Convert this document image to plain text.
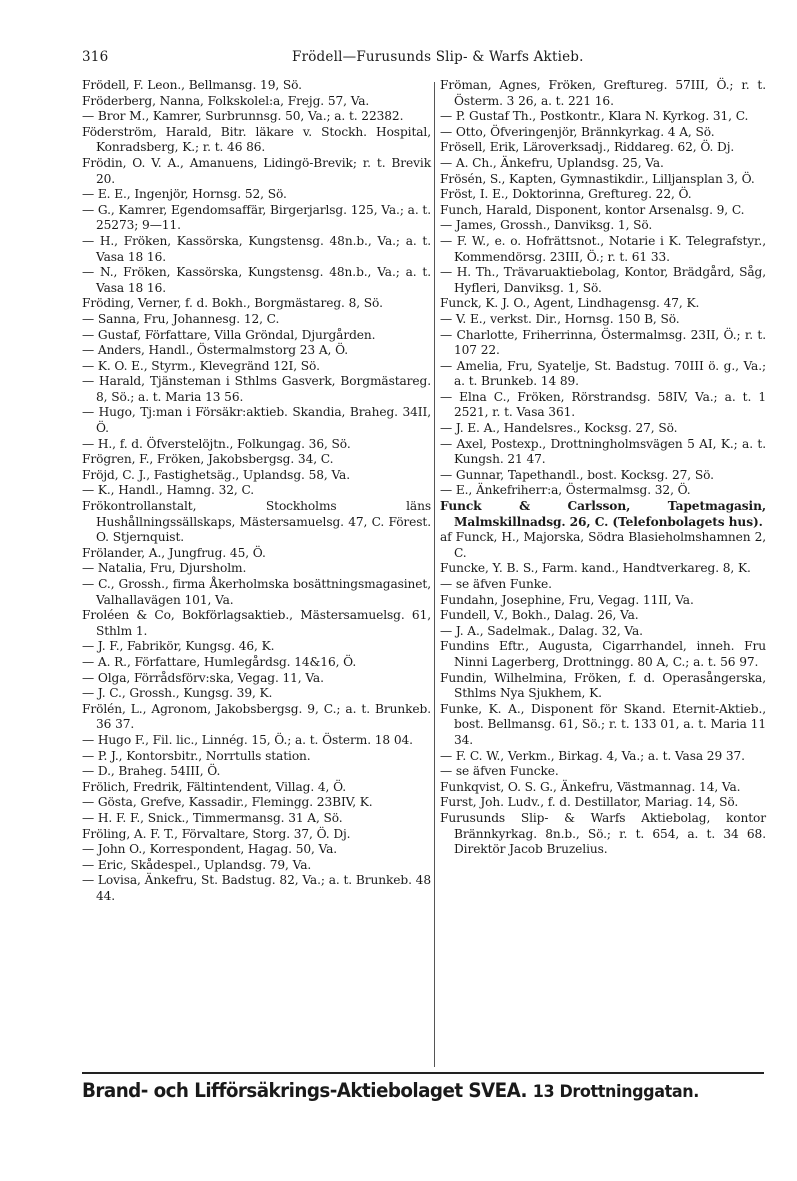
316	Frödell—Furusunds Slip- & Warfs Aktieb.
Frödell, F. Leon., Bellmansg. 19, Sö.
Fröderberg, Nanna, Folkskolel:a, Frejg. 57, Va.
— Bror M., Kamrer, Surbrunnsg. 50, Va.; a. t. 22382.
Föderström, Harald, Bitr. läkare v. Stockh. Hospital, Konradsberg, K.; r. t. 46 86.
Frödin, O. V. A., Amanuens, Lidingö-Brevik; r. t. Brevik 20.
— E. E., Ingenjör, Hornsg. 52, Sö.
— G., Kamrer, Egendomsaffär, Birgerjarlsg. 125, Va.; a. t. 25273; 9—11.
— H., Fröken, Kassörska, Kungstensg. 48n.b., Va.; a. t. Vasa 18 16.
— N., Fröken, Kassörska, Kungstensg. 48n.b., Va.; a. t. Vasa 18 16.
Fröding, Verner, f. d. Bokh., Borgmästareg. 8, Sö.
— Sanna, Fru, Johannesg. 12, C.
— Gustaf, Författare, Villa Gröndal, Djurgården.
— Anders, Handl., Östermalmstorg 23 A, Ö.
— K. O. E., Styrm., Klevegränd 12I, Sö.
— Harald, Tjänsteman i Sthlms Gasverk, Borgmästareg. 8, Sö.; a. t. Maria 13 56.
— Hugo, Tj:man i Försäkr:aktieb. Skandia, Braheg. 34II, Ö.
— H., f. d. Öfverstelöjtn., Folkungag. 36, Sö.
Frögren, F., Fröken, Jakobsbergsg. 34, C.
Fröjd, C. J., Fastighetsäg., Uplandsg. 58, Va.
— K., Handl., Hamng. 32, C.
Frökontrollanstalt, Stockholms läns Hushållningssällskaps, Mästersamuelsg. 47, C. Förest. O. Stjernquist.
Frölander, A., Jungfrug. 45, Ö.
— Natalia, Fru, Djursholm.
— C., Grossh., firma Åkerholmska bosättningsmagasinet, Valhallavägen 101, Va.
Froléen & Co, Bokförlagsaktieb., Mästersamuelsg. 61, Sthlm 1.
— J. F., Fabrikör, Kungsg. 46, K.
— A. R., Författare, Humlegårdsg. 14&16, Ö.
— Olga, Förrådsförv:ska, Vegag. 11, Va.
— J. C., Grossh., Kungsg. 39, K.
Frölén, L., Agronom, Jakobsbergsg. 9, C.; a. t. Brunkeb. 36 37.
— Hugo F., Fil. lic., Linnég. 15, Ö.; a. t. Österm. 18 04.
— P. J., Kontorsbitr., Norrtulls station.
— D., Braheg. 54III, Ö.
Frölich, Fredrik, Fältintendent, Villag. 4, Ö.
— Gösta, Grefve, Kassadir., Flemingg. 23BIV, K.
— H. F. F., Snick., Timmermansg. 31 A, Sö.
Fröling, A. F. T., Förvaltare, Storg. 37, Ö. Dj.
— John O., Korrespondent, Hagag. 50, Va.
— Eric, Skådespel., Uplandsg. 79, Va.
— Lovisa, Änkefru, St. Badstug. 82, Va.; a. t. Brunkeb. 48 44.
Fröman, Agnes, Fröken, Greftureg. 57III, Ö.; r. t. Österm. 3 26, a. t. 221 16.
— P. Gustaf Th., Postkontr., Klara N. Kyrkog. 31, C.
— Otto, Öfveringenjör, Brännkyrkag. 4 A, Sö.
Frösell, Erik, Läroverksadj., Riddareg. 62, Ö. Dj.
— A. Ch., Änkefru, Uplandsg. 25, Va.
Frösén, S., Kapten, Gymnastikdir., Lilljansplan 3, Ö.
Fröst, I. E., Doktorinna, Greftureg. 22, Ö.
Funch, Harald, Disponent, kontor Arsenalsg. 9, C.
— James, Grossh., Danviksg. 1, Sö.
— F. W., e. o. Hofrättsnot., Notarie i K. Telegrafstyr., Kommendörsg. 23III, Ö.; r. t. 61 33.
— H. Th., Trävaruaktiebolag, Kontor, Brädgård, Såg, Hyfleri, Danviksg. 1, Sö.
Funck, K. J. O., Agent, Lindhagensg. 47, K.
— V. E., verkst. Dir., Hornsg. 150 B, Sö.
— Charlotte, Friherrinna, Östermalmsg. 23II, Ö.; r. t. 107 22.
— Amelia, Fru, Syatelje, St. Badstug. 70III ö. g., Va.; a. t. Brunkeb. 14 89.
— Elna C., Fröken, Rörstrandsg. 58IV, Va.; a. t. 1 2521, r. t. Vasa 361.
— J. E. A., Handelsres., Kocksg. 27, Sö.
— Axel, Postexp., Drottningholmsvägen 5 AI, K.; a. t. Kungsh. 21 47.
— Gunnar, Tapethandl., bost. Kocksg. 27, Sö.
— E., Änkefriherr:a, Östermalmsg. 32, Ö.
Funck & Carlsson, Tapetmagasin, Malmskillnadsg. 26, C. (Telefonbolagets hus).
af Funck, H., Majorska, Södra Blasieholmshamnen 2, C.
Funcke, Y. B. S., Farm. kand., Handtverkareg. 8, K.
— se äfven Funke.
Fundahn, Josephine, Fru, Vegag. 11II, Va.
Fundell, V., Bokh., Dalag. 26, Va.
— J. A., Sadelmak., Dalag. 32, Va.
Fundins Eftr., Augusta, Cigarrhandel, inneh. Fru Ninni Lagerberg, Drottningg. 80 A, C.; a. t. 56 97.
Fundin, Wilhelmina, Fröken, f. d. Operasångerska, Sthlms Nya Sjukhem, K.
Funke, K. A., Disponent för Skand. Eternit-Aktieb., bost. Bellmansg. 61, Sö.; r. t. 133 01, a. t. Maria 11 34.
— F. C. W., Verkm., Birkag. 4, Va.; a. t. Vasa 29 37.
— se äfven Funcke.
Funkqvist, O. S. G., Änkefru, Västmannag. 14, Va.
Furst, Joh. Ludv., f. d. Destillator, Mariag. 14, Sö.
Furusunds Slip- & Warfs Aktiebolag, kontor Brännkyrkag. 8n.b., Sö.; r. t. 654, a. t. 34 68. Direktör Jacob Bruzelius.
Brand- och Lifförsäkrings-Aktiebolaget SVEA. 13 Drottninggatan.
